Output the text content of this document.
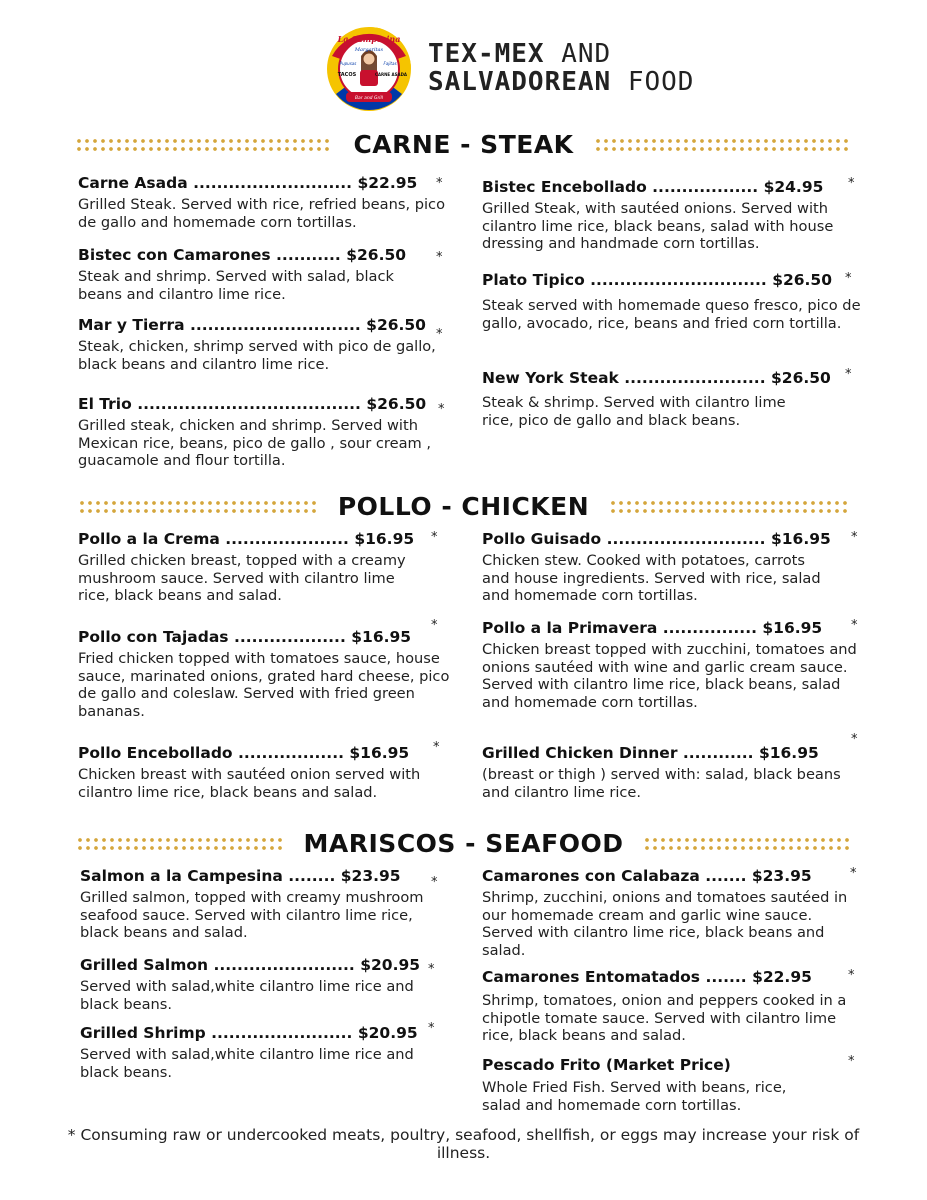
La Campesina
Margaritas
Pupusas	Fajitas
TACOS	CARNE ASADA
Bar and Grill
TEX-MEX AND
SALVADOREAN FOOD
CARNE - STEAK
POLLO - CHICKEN
MARISCOS - SEAFOOD
Carne Asada ........................... $22.95
Grilled Steak. Served with rice, refried beans, pico de gallo and homemade corn tortillas.
*
Bistec con Camarones ........... $26.50
Steak and shrimp. Served with salad, black beans and cilantro lime rice.
*
Mar y Tierra ............................. $26.50
Steak, chicken, shrimp served with pico de gallo, black beans and cilantro lime rice.
*
El Trio ...................................... $26.50
Grilled steak, chicken and shrimp. Served with Mexican rice, beans, pico de gallo , sour cream , guacamole and flour tortilla.
*
Bistec Encebollado .................. $24.95
Grilled Steak, with sautéed onions. Served with cilantro lime rice, black beans, salad with house dressing and handmade corn tortillas.
*
Plato Tipico .............................. $26.50
Steak served with homemade queso fresco, pico de gallo, avocado, rice, beans and fried corn tortilla.
*
New York Steak ........................ $26.50
Steak & shrimp. Served with cilantro lime rice, pico de gallo and black beans.
*
Pollo a la Crema ..................... $16.95
Grilled chicken breast, topped with a creamy mushroom sauce. Served with cilantro lime rice, black beans and salad.
*
Pollo con Tajadas ................... $16.95
Fried chicken topped with tomatoes sauce, house sauce, marinated onions, grated hard cheese, pico de gallo and coleslaw. Served with fried green bananas.
*
Pollo Encebollado .................. $16.95
Chicken breast with sautéed onion served with cilantro lime rice, black beans and salad.
*
Pollo Guisado ........................... $16.95
Chicken stew. Cooked with potatoes, carrots and house ingredients. Served with rice, salad and homemade corn tortillas.
*
Pollo a la Primavera ................ $16.95
Chicken breast topped with zucchini, tomatoes and onions sautéed with wine and garlic cream sauce. Served with cilantro lime rice, black beans, salad and homemade corn tortillas.
*
Grilled Chicken Dinner ............ $16.95
(breast or thigh ) served with: salad, black beans and cilantro lime rice.
*
Salmon a la Campesina ........ $23.95
Grilled salmon, topped with creamy mushroom seafood sauce. Served with cilantro lime rice, black beans and salad.
*
Grilled Salmon ........................ $20.95
Served with salad,white cilantro lime rice and black beans.
*
Grilled Shrimp ........................ $20.95
Served with salad,white cilantro lime rice and black beans.
*
Camarones con Calabaza ....... $23.95
Shrimp, zucchini, onions and tomatoes sautéed in our homemade cream and garlic wine sauce. Served with cilantro lime rice, black beans and salad.
*
Camarones Entomatados ....... $22.95
Shrimp, tomatoes, onion and peppers cooked in a chipotle tomate sauce. Served with cilantro lime rice, black beans and salad.
*
Pescado Frito (Market Price)
Whole Fried Fish. Served with beans, rice, salad and homemade corn tortillas.
*
* Consuming raw or undercooked meats, poultry, seafood, shellfish, or eggs may increase your risk of illness.
